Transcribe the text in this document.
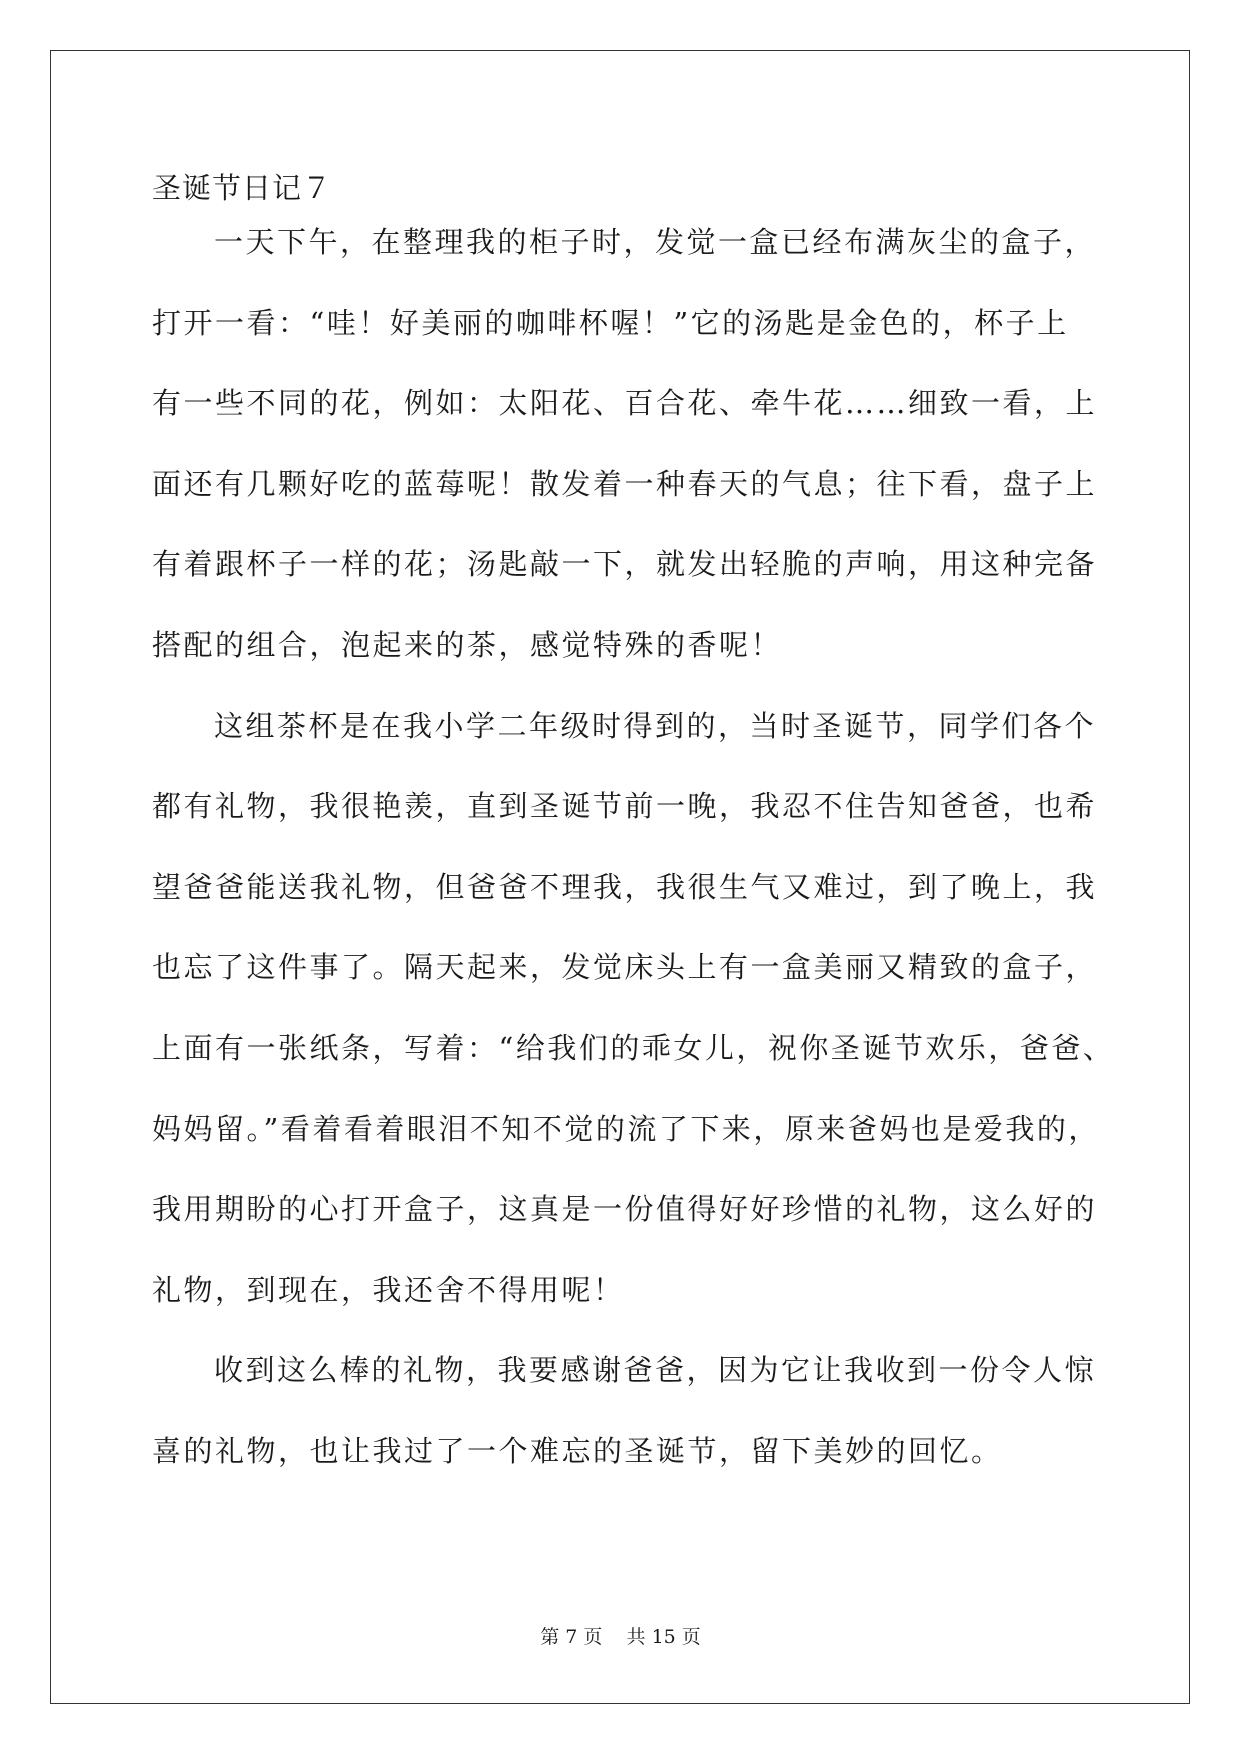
圣诞节日记７
一天下午，在整理我的柜子时，发觉一盒已经布满灰尘的盒子，
打开一看：“哇！好美丽的咖啡杯喔！”它的汤匙是金色的，杯子上
有一些不同的花，例如：太阳花、百合花、牵牛花……细致一看，上
面还有几颗好吃的蓝莓呢！散发着一种春天的气息；往下看，盘子上
有着跟杯子一样的花；汤匙敲一下，就发出轻脆的声响，用这种完备
搭配的组合，泡起来的茶，感觉特殊的香呢！
这组茶杯是在我小学二年级时得到的，当时圣诞节，同学们各个
都有礼物，我很艳羡，直到圣诞节前一晚，我忍不住告知爸爸，也希
望爸爸能送我礼物，但爸爸不理我，我很生气又难过，到了晚上，我
也忘了这件事了。隔天起来，发觉床头上有一盒美丽又精致的盒子，
上面有一张纸条，写着：“给我们的乖女儿，祝你圣诞节欢乐，爸爸、
妈妈留。”看着看着眼泪不知不觉的流了下来，原来爸妈也是爱我的，
我用期盼的心打开盒子，这真是一份值得好好珍惜的礼物，这么好的
礼物，到现在，我还舍不得用呢！
收到这么棒的礼物，我要感谢爸爸，因为它让我收到一份令人惊
喜的礼物，也让我过了一个难忘的圣诞节，留下美妙的回忆。
第 7 页    共 15 页
